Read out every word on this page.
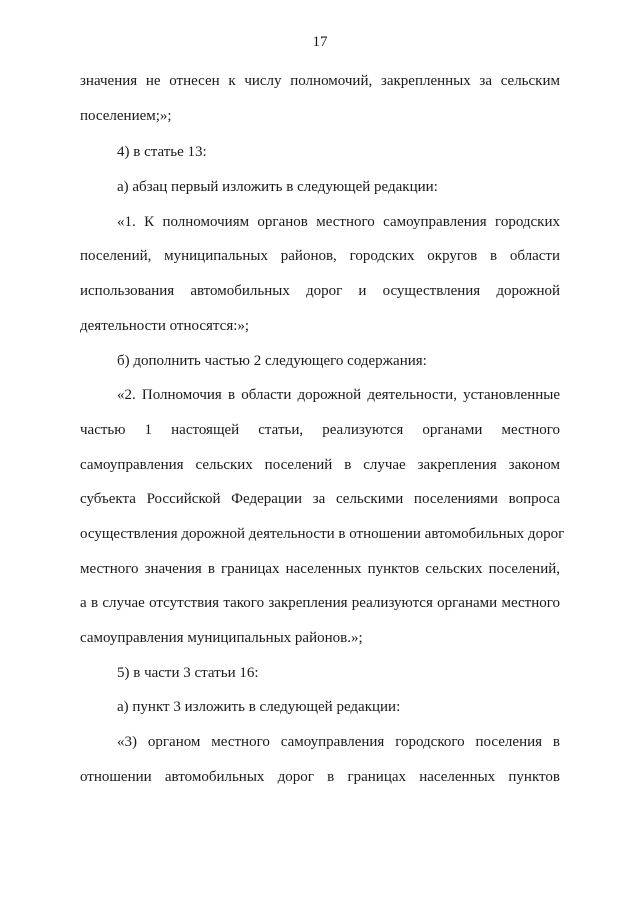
17
значения не отнесен к числу полномочий, закрепленных за сельским
поселением;»;
4) в статье 13:
а) абзац первый изложить в следующей редакции:
«1. К полномочиям органов местного самоуправления городских
поселений, муниципальных районов, городских округов в области
использования автомобильных дорог и осуществления дорожной
деятельности относятся:»;
б) дополнить частью 2 следующего содержания:
«2. Полномочия в области дорожной деятельности, установленные
частью 1 настоящей статьи, реализуются органами местного
самоуправления сельских поселений в случае закрепления законом
субъекта Российской Федерации за сельскими поселениями вопроса
осуществления дорожной деятельности в отношении автомобильных дорог
местного значения в границах населенных пунктов сельских поселений,
а в случае отсутствия такого закрепления реализуются органами местного
самоуправления муниципальных районов.»;
5) в части 3 статьи 16:
а) пункт 3 изложить в следующей редакции:
«3) органом местного самоуправления городского поселения в
отношении автомобильных дорог в границах населенных пунктов
